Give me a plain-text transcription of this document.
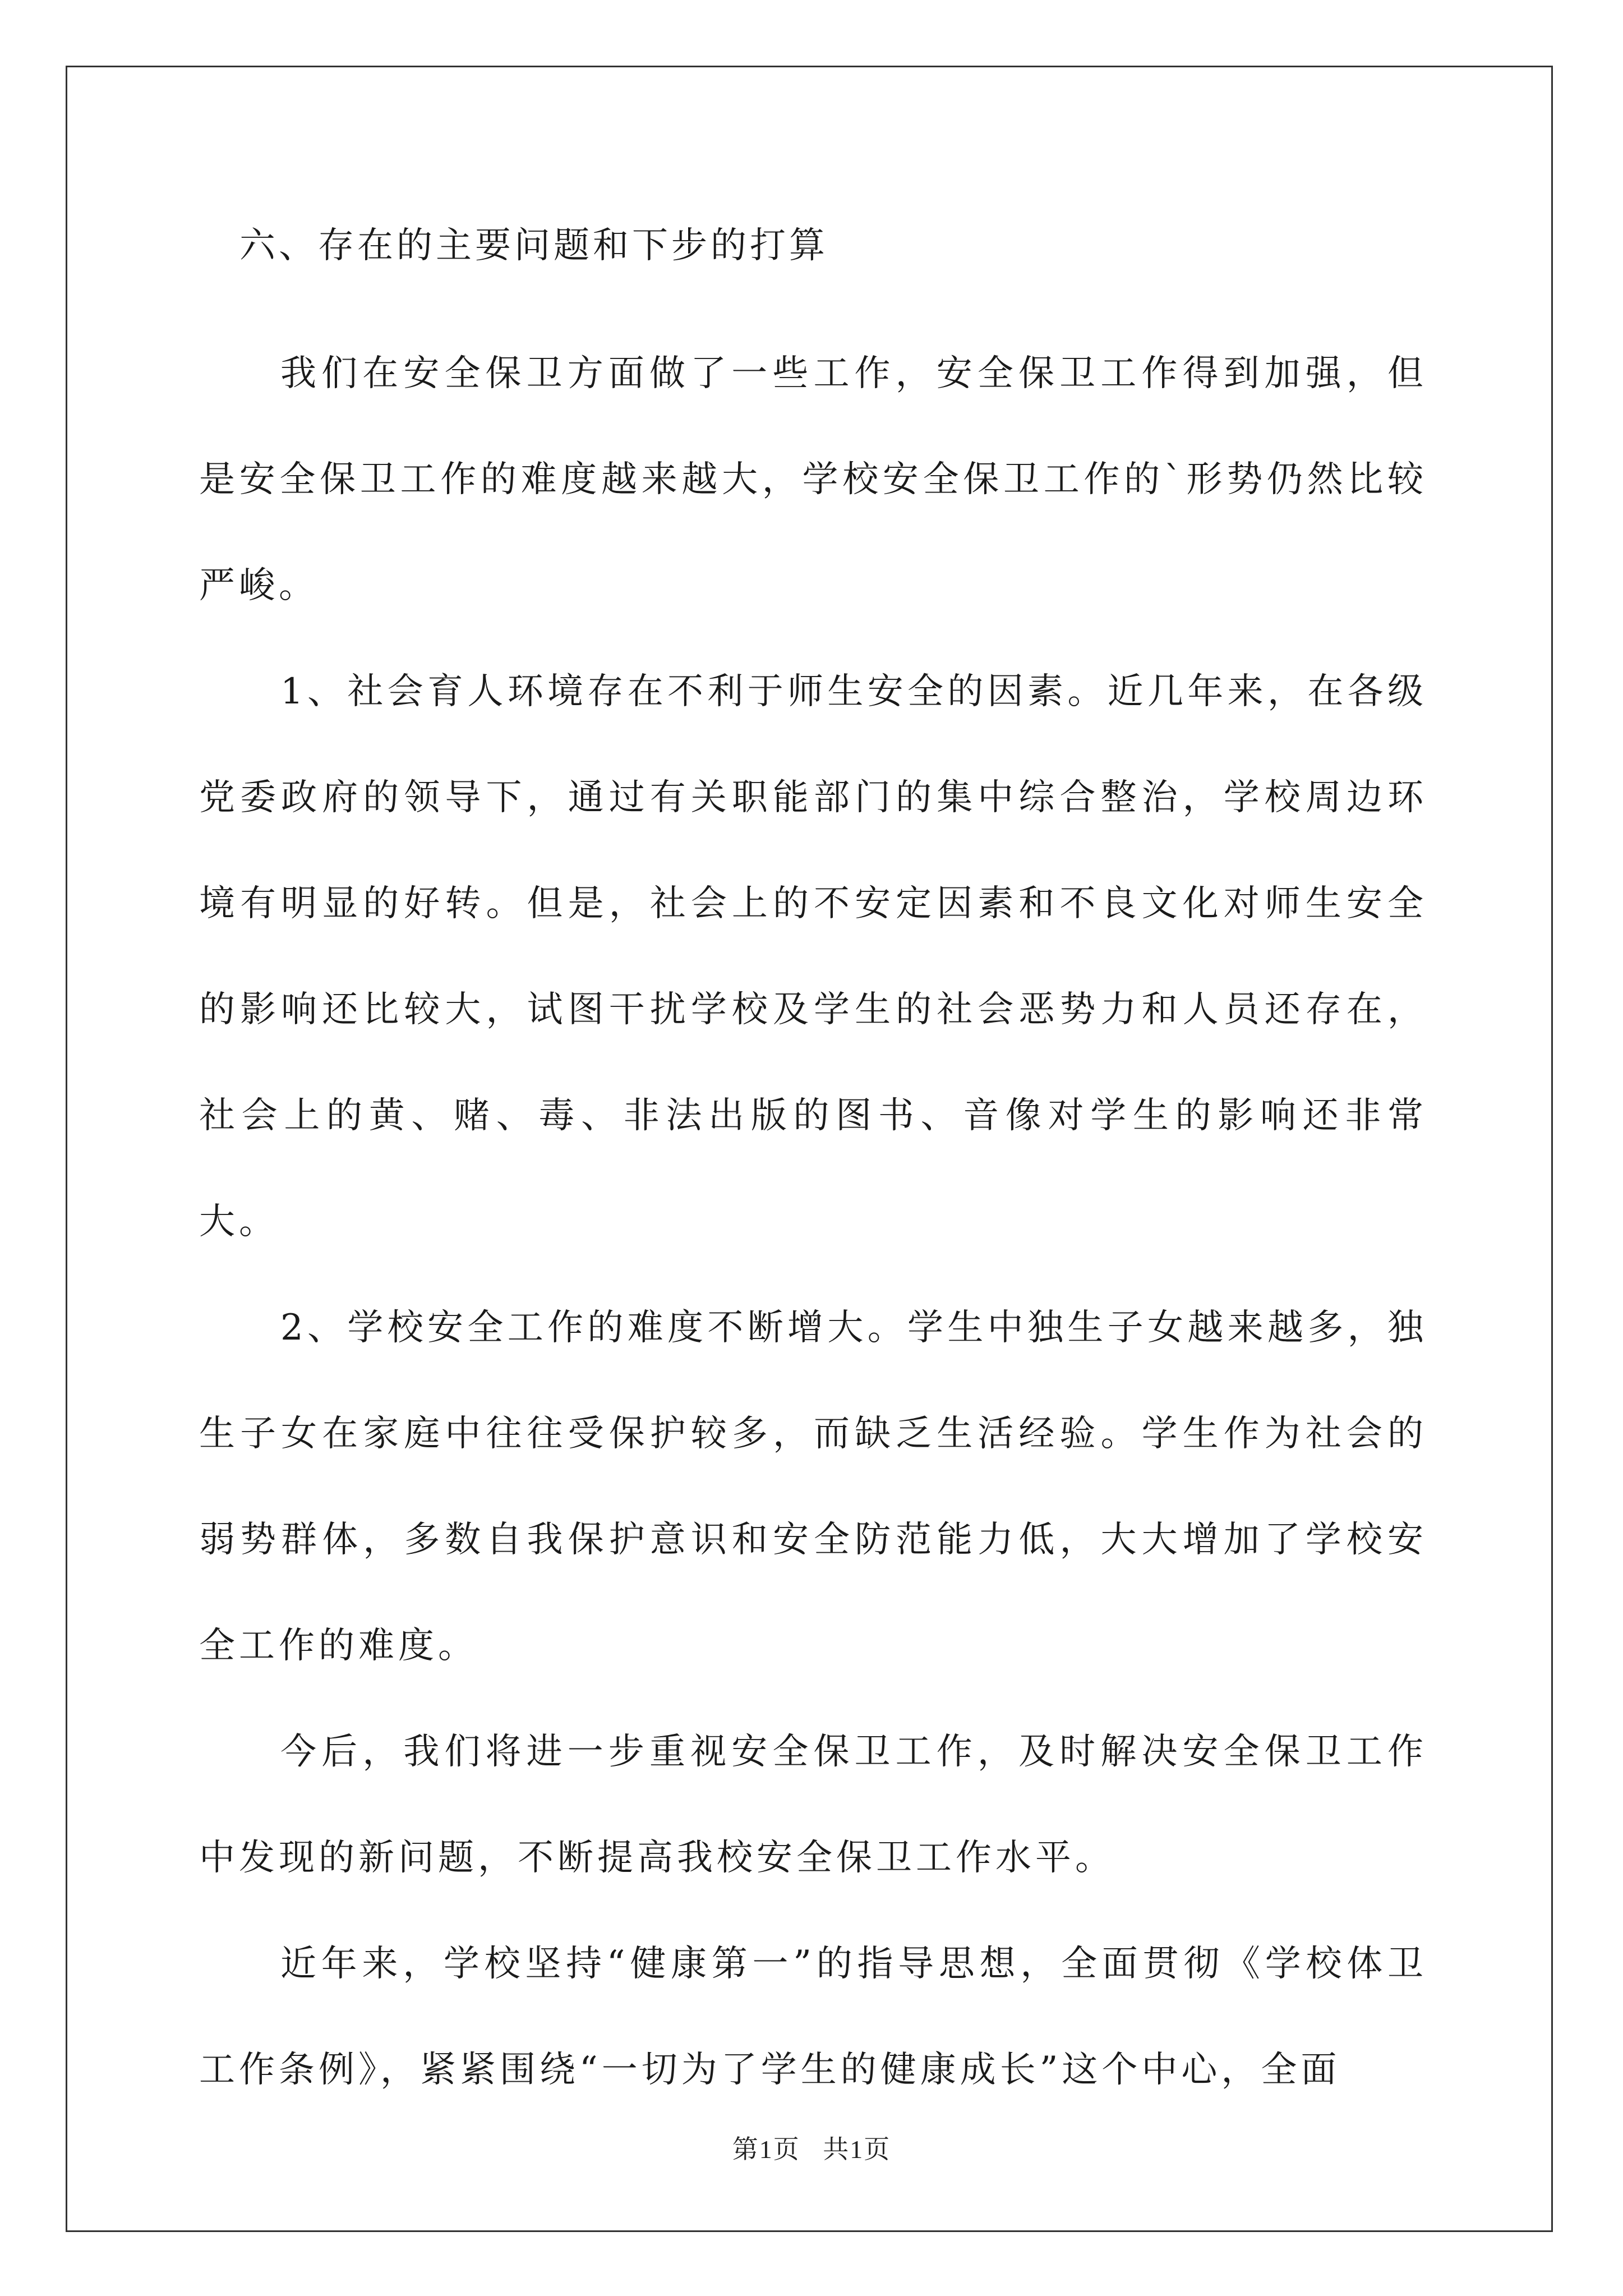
六、存在的主要问题和下步的打算

我们在安全保卫方面做了一些工作，安全保卫工作得到加强，但是安全保卫工作的难度越来越大，学校安全保卫工作的`形势仍然比较严峻。

1、社会育人环境存在不利于师生安全的因素。近几年来，在各级党委政府的领导下，通过有关职能部门的集中综合整治，学校周边环境有明显的好转。但是，社会上的不安定因素和不良文化对师生安全的影响还比较大，试图干扰学校及学生的社会恶势力和人员还存在，社会上的黄、赌、毒、非法出版的图书、音像对学生的影响还非常大。

2、学校安全工作的难度不断增大。学生中独生子女越来越多，独生子女在家庭中往往受保护较多，而缺乏生活经验。学生作为社会的弱势群体，多数自我保护意识和安全防范能力低，大大增加了学校安全工作的难度。

今后，我们将进一步重视安全保卫工作，及时解决安全保卫工作中发现的新问题，不断提高我校安全保卫工作水平。

近年来，学校坚持“健康第一”的指导思想，全面贯彻《学校体卫工作条例》，紧紧围绕“一切为了学生的健康成长”这个中心，全面

第1页   共1页
